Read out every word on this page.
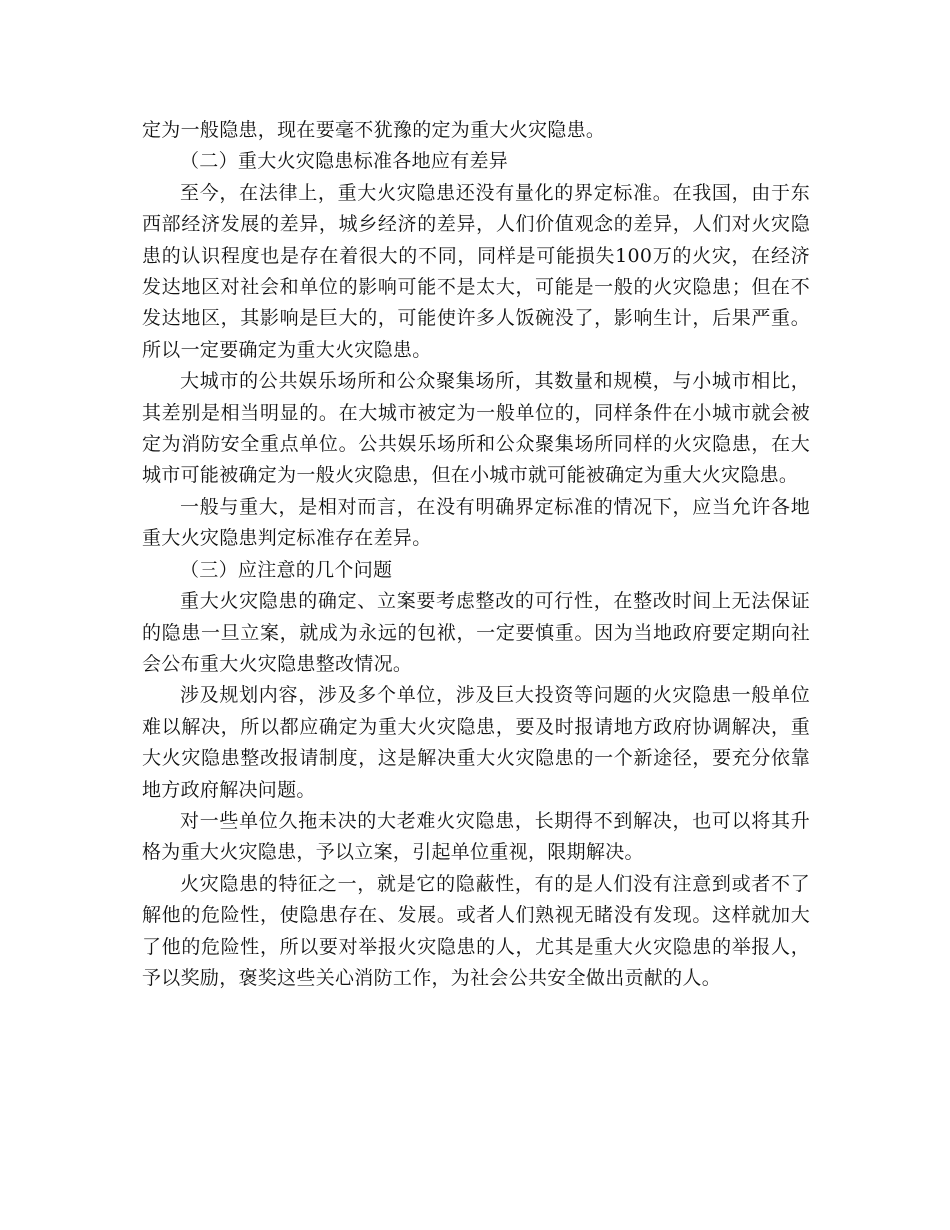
定为一般隐患，现在要毫不犹豫的定为重大火灾隐患。

（二）重大火灾隐患标准各地应有差异

至今，在法律上，重大火灾隐患还没有量化的界定标准。在我国，由于东西部经济发展的差异，城乡经济的差异，人们价值观念的差异，人们对火灾隐患的认识程度也是存在着很大的不同，同样是可能损失100万的火灾，在经济发达地区对社会和单位的影响可能不是太大，可能是一般的火灾隐患；但在不发达地区，其影响是巨大的，可能使许多人饭碗没了，影响生计，后果严重。所以一定要确定为重大火灾隐患。

大城市的公共娱乐场所和公众聚集场所，其数量和规模，与小城市相比，其差别是相当明显的。在大城市被定为一般单位的，同样条件在小城市就会被定为消防安全重点单位。公共娱乐场所和公众聚集场所同样的火灾隐患，在大城市可能被确定为一般火灾隐患，但在小城市就可能被确定为重大火灾隐患。

一般与重大，是相对而言，在没有明确界定标准的情况下，应当允许各地重大火灾隐患判定标准存在差异。

（三）应注意的几个问题

重大火灾隐患的确定、立案要考虑整改的可行性，在整改时间上无法保证的隐患一旦立案，就成为永远的包袱，一定要慎重。因为当地政府要定期向社会公布重大火灾隐患整改情况。

涉及规划内容，涉及多个单位，涉及巨大投资等问题的火灾隐患一般单位难以解决，所以都应确定为重大火灾隐患，要及时报请地方政府协调解决，重大火灾隐患整改报请制度，这是解决重大火灾隐患的一个新途径，要充分依靠地方政府解决问题。

对一些单位久拖未决的大老难火灾隐患，长期得不到解决，也可以将其升格为重大火灾隐患，予以立案，引起单位重视，限期解决。

火灾隐患的特征之一，就是它的隐蔽性，有的是人们没有注意到或者不了解他的危险性，使隐患存在、发展。或者人们熟视无睹没有发现。这样就加大了他的危险性，所以要对举报火灾隐患的人，尤其是重大火灾隐患的举报人，予以奖励，褒奖这些关心消防工作，为社会公共安全做出贡献的人。
